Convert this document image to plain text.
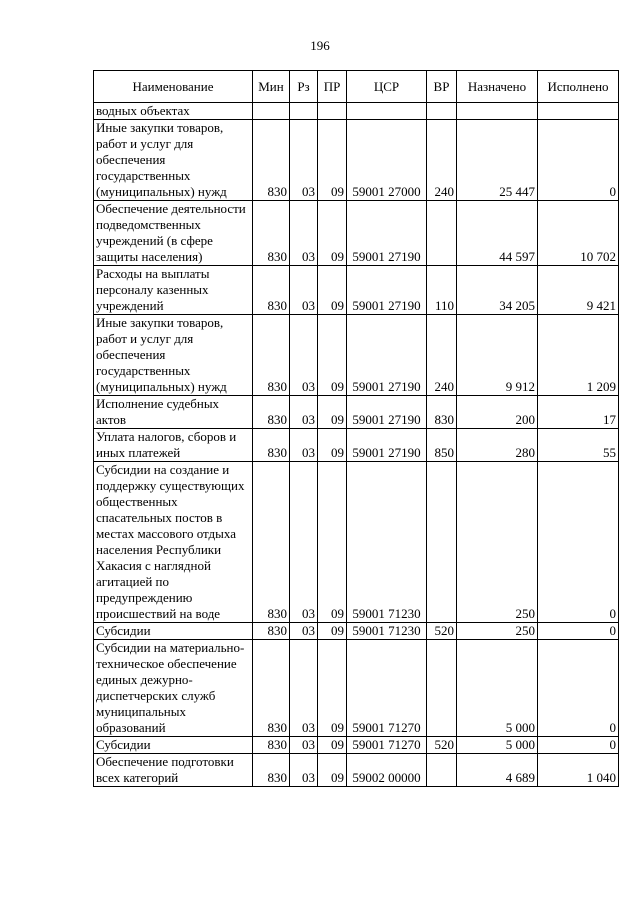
196
Наименование	Мин	Рз	ПР	ЦСР	ВР	Назначено	Исполнено
водных объектах							
Иные закупки товаров, работ и услуг для обеспечения государственных (муниципальных) нужд	830	03	09	59001 27000	240	25 447	0
Обеспечение деятельности подведомственных учреждений (в сфере защиты населения)	830	03	09	59001 27190		44 597	10 702
Расходы на выплаты персоналу казенных учреждений	830	03	09	59001 27190	110	34 205	9 421
Иные закупки товаров, работ и услуг для обеспечения государственных (муниципальных) нужд	830	03	09	59001 27190	240	9 912	1 209
Исполнение судебных актов	830	03	09	59001 27190	830	200	17
Уплата налогов, сборов и иных платежей	830	03	09	59001 27190	850	280	55
Субсидии на создание и поддержку существующих общественных спасательных постов в местах массового отдыха населения Республики Хакасия с наглядной агитацией по предупреждению происшествий на воде	830	03	09	59001 71230		250	0
Субсидии	830	03	09	59001 71230	520	250	0
Субсидии на материально-техническое обеспечение единых дежурно-диспетчерских служб муниципальных образований	830	03	09	59001 71270		5 000	0
Субсидии	830	03	09	59001 71270	520	5 000	0
Обеспечение подготовки всех категорий	830	03	09	59002 00000		4 689	1 040
